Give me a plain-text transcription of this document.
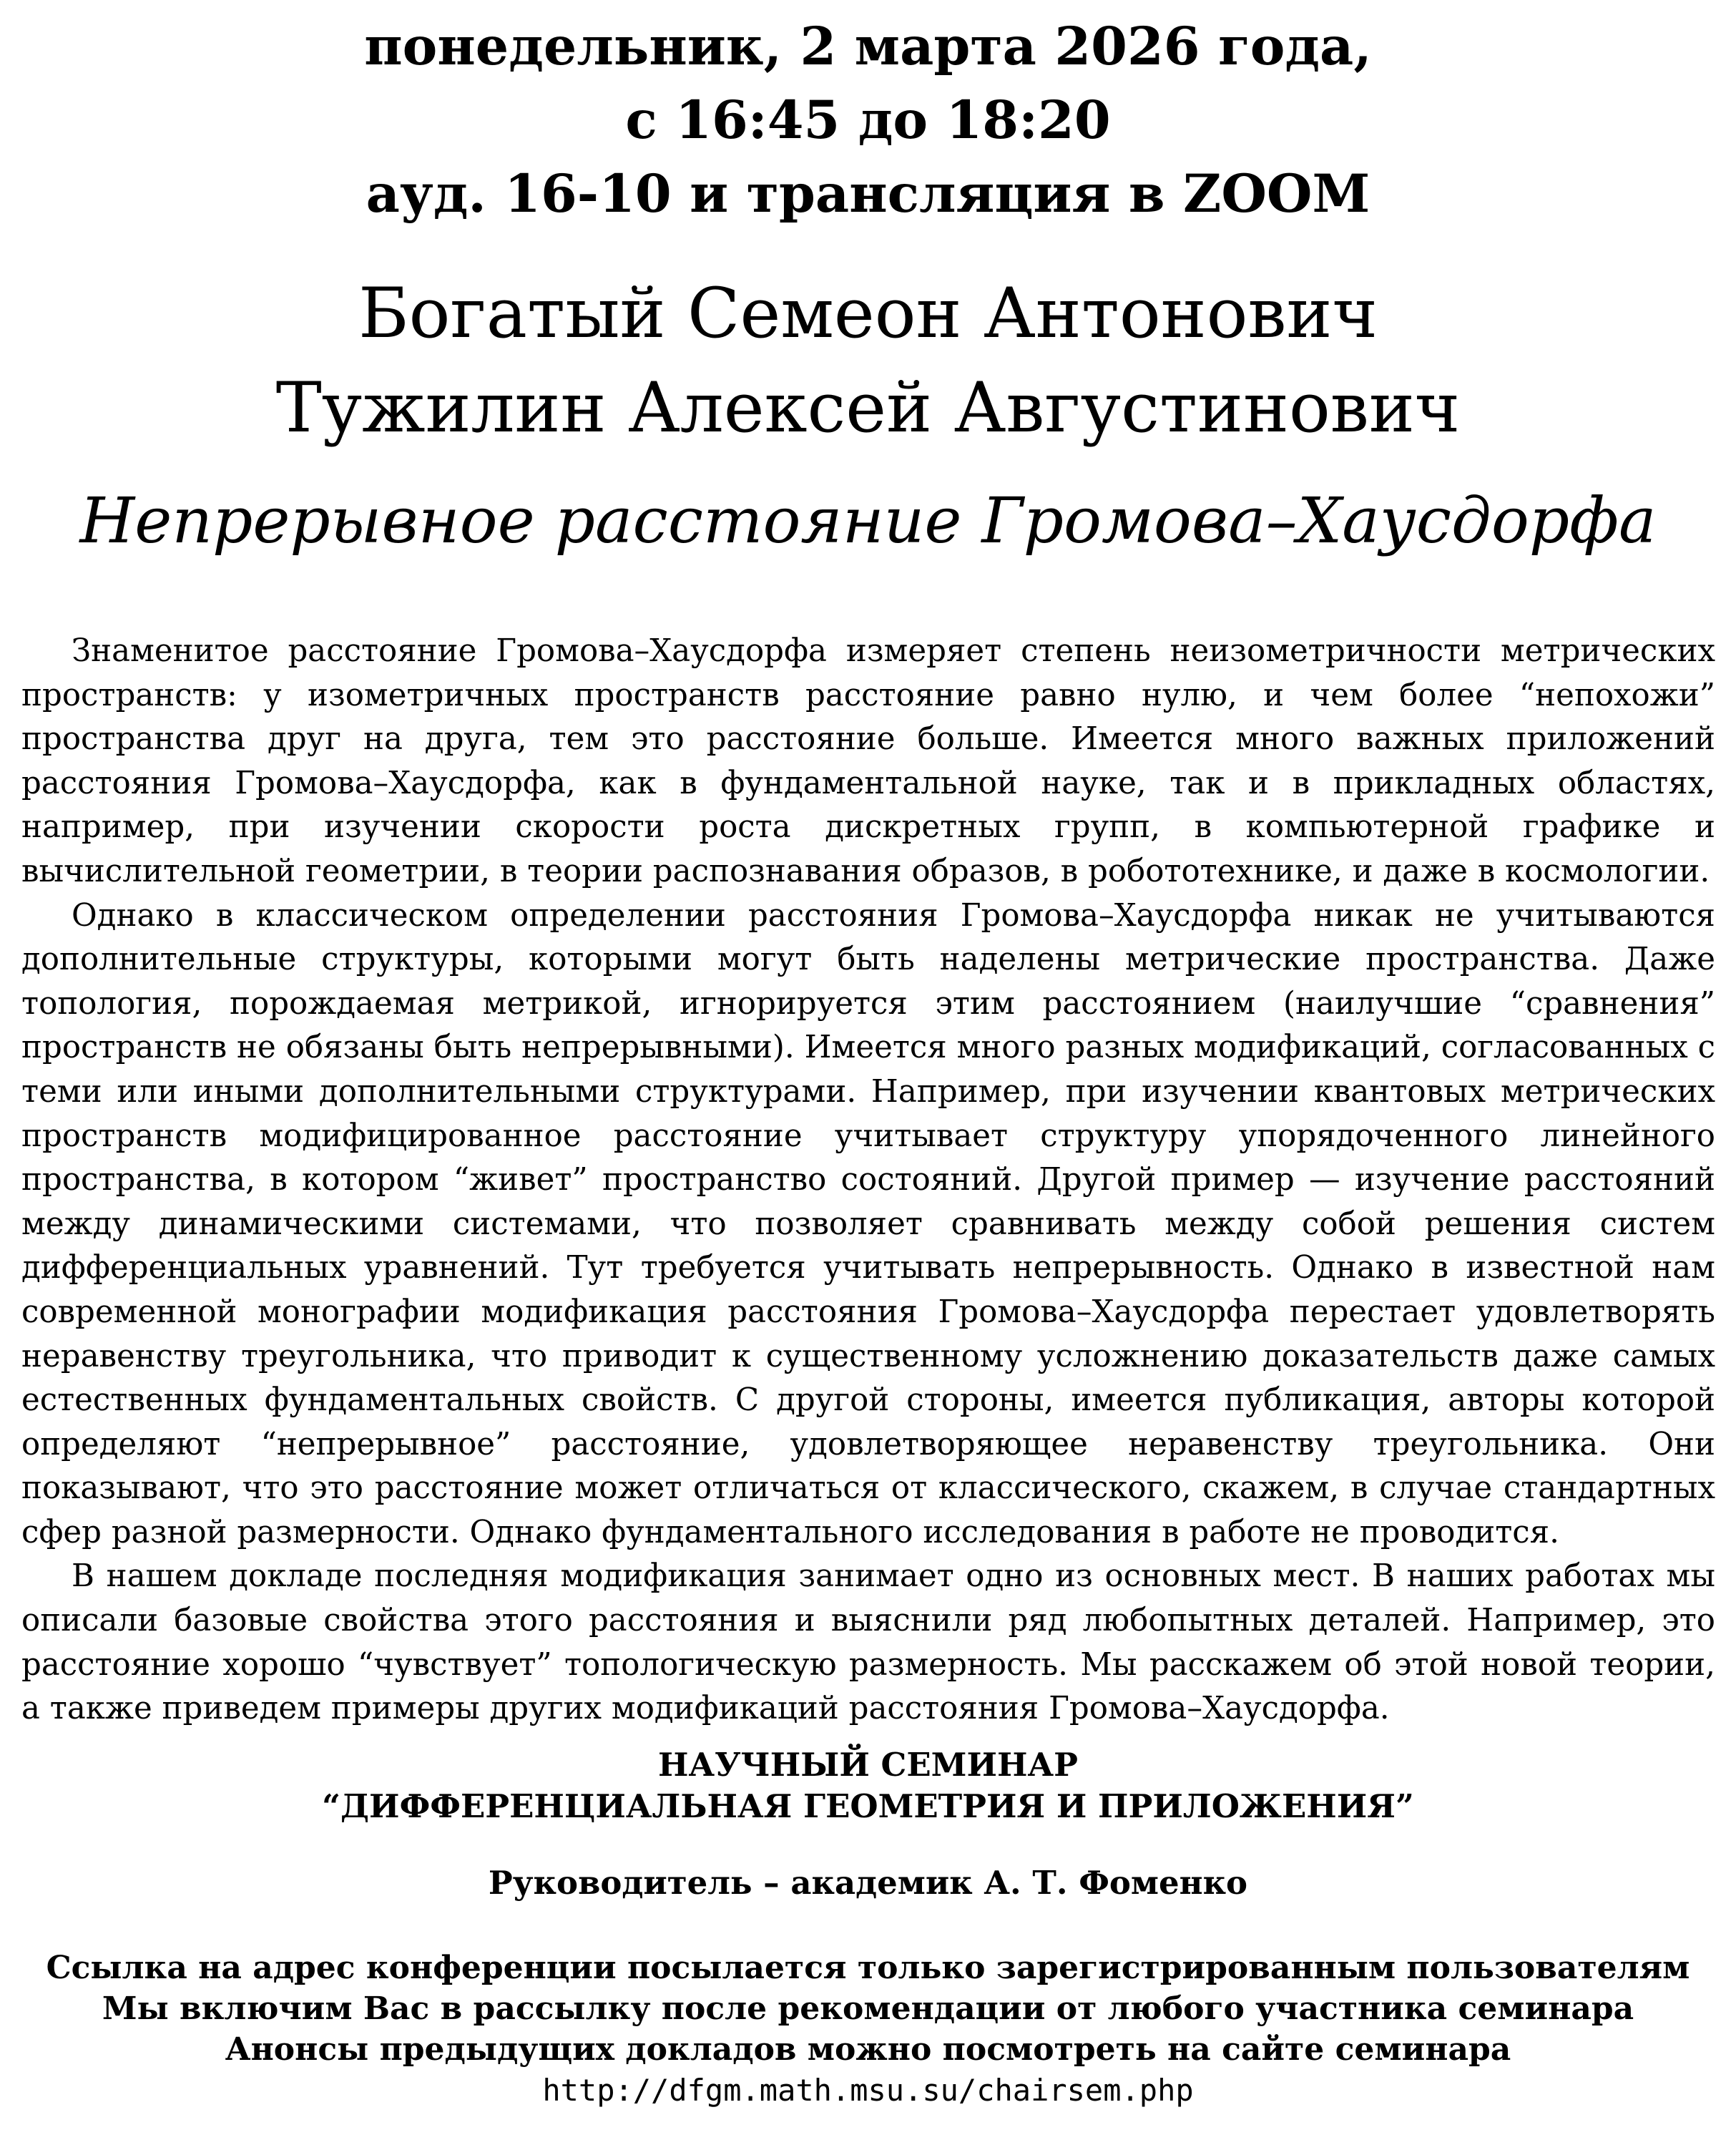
понедельник, 2 марта 2026 года,
с 16:45 до 18:20
ауд. 16-10 и трансляция в ZOOM
Богатый Семеон Антонович
Тужилин Алексей Августинович
Непрерывное расстояние Громова–Хаусдорфа

Знаменитое расстояние Громова–Хаусдорфа измеряет степень неизометричности метрических пространств: у изометричных пространств расстояние равно нулю, и чем более “непохожи” пространства друг на друга, тем это расстояние больше. Имеется много важных приложений расстояния Громова–Хаусдорфа, как в фундаментальной науке, так и в прикладных областях, например, при изучении скорости роста дискретных групп, в компьютерной графике и вычислительной геометрии, в теории распознавания образов, в робототехнике, и даже в космологии.

Однако в классическом определении расстояния Громова–Хаусдорфа никак не учитываются дополнительные структуры, которыми могут быть наделены метрические пространства. Даже топология, порождаемая метрикой, игнорируется этим расстоянием (наилучшие “сравнения” пространств не обязаны быть непрерывными). Имеется много разных модификаций, согласованных с теми или иными дополнительными структурами. Например, при изучении квантовых метрических пространств модифицированное расстояние учитывает структуру упорядоченного линейного пространства, в котором “живет” пространство состояний. Другой пример — изучение расстояний между динамическими системами, что позволяет сравнивать между собой решения систем дифференциальных уравнений. Тут требуется учитывать непрерывность. Однако в известной нам современной монографии модификация расстояния Громова–Хаусдорфа перестает удовлетворять неравенству треугольника, что приводит к существенному усложнению доказательств даже самых естественных фундаментальных свойств. С другой стороны, имеется публикация, авторы которой определяют “непрерывное” расстояние, удовлетворяющее неравенству треугольника. Они показывают, что это расстояние может отличаться от классического, скажем, в случае стандартных сфер разной размерности. Однако фундаментального исследования в работе не проводится.

В нашем докладе последняя модификация занимает одно из основных мест. В наших работах мы описали базовые свойства этого расстояния и выяснили ряд любопытных деталей. Например, это расстояние хорошо “чувствует” топологическую размерность. Мы расскажем об этой новой теории, а также приведем примеры других модификаций расстояния Громова–Хаусдорфа.

НАУЧНЫЙ СЕМИНАР
“ДИФФЕРЕНЦИАЛЬНАЯ ГЕОМЕТРИЯ И ПРИЛОЖЕНИЯ”
Руководитель – академик А. Т. Фоменко
Ссылка на адрес конференции посылается только зарегистрированным пользователям
Мы включим Вас в рассылку после рекомендации от любого участника семинара
Анонсы предыдущих докладов можно посмотреть на сайте семинара
http://dfgm.math.msu.su/chairsem.php
